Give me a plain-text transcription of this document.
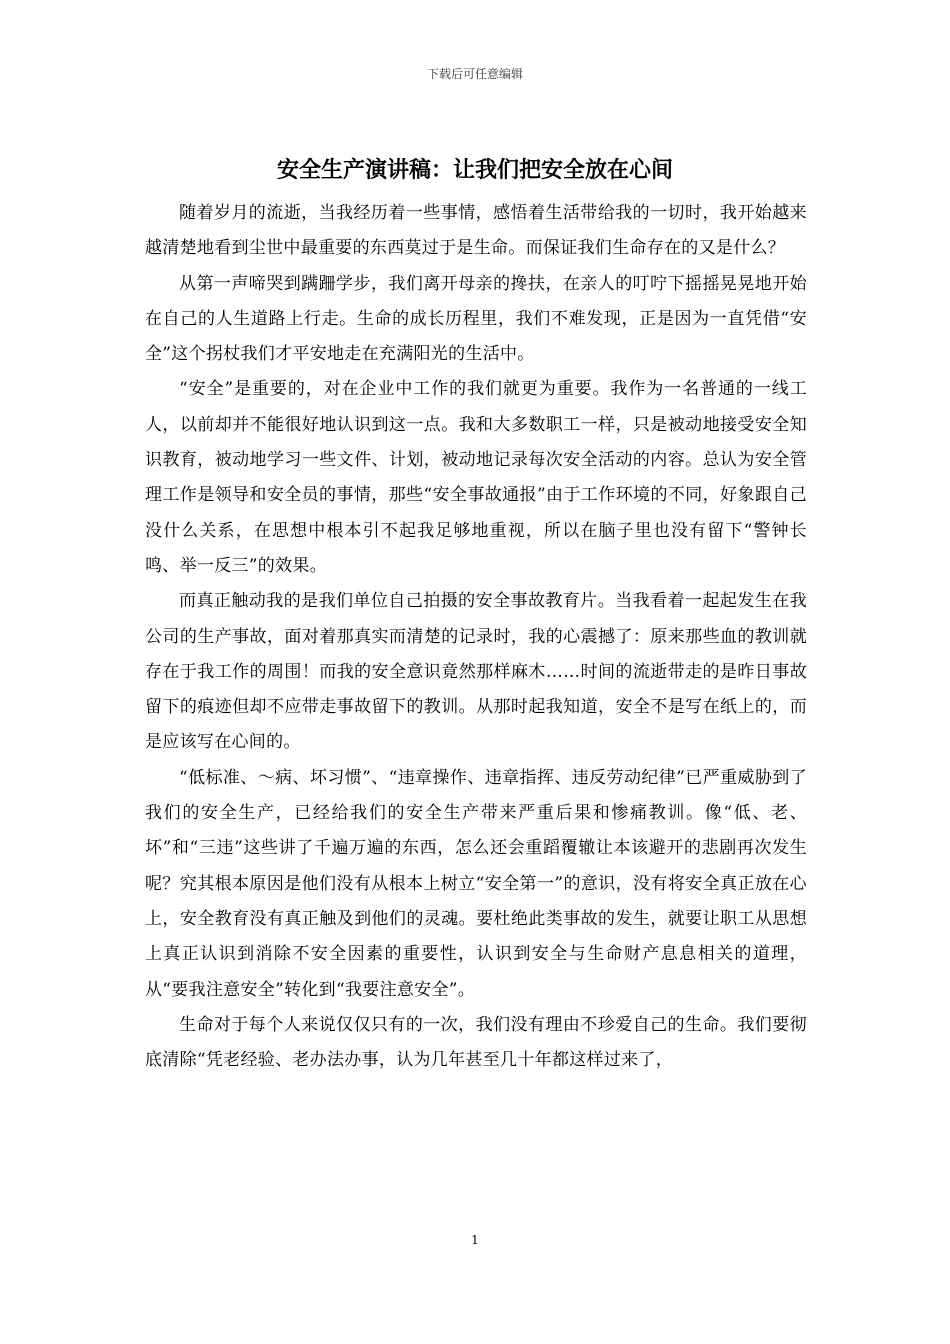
下载后可任意编辑
安全生产演讲稿：让我们把安全放在心间

随着岁月的流逝，当我经历着一些事情，感悟着生活带给我的一切时，我开始越来越清楚地看到尘世中最重要的东西莫过于是生命。而保证我们生命存在的又是什么？

从第一声啼哭到蹒跚学步，我们离开母亲的搀扶，在亲人的叮咛下摇摇晃晃地开始在自己的人生道路上行走。生命的成长历程里，我们不难发现，正是因为一直凭借“安全”这个拐杖我们才平安地走在充满阳光的生活中。

“安全”是重要的，对在企业中工作的我们就更为重要。我作为一名普通的一线工人，以前却并不能很好地认识到这一点。我和大多数职工一样，只是被动地接受安全知识教育，被动地学习一些文件、计划，被动地记录每次安全活动的内容。总认为安全管理工作是领导和安全员的事情，那些“安全事故通报”由于工作环境的不同，好象跟自己没什么关系，在思想中根本引不起我足够地重视，所以在脑子里也没有留下“警钟长鸣、举一反三”的效果。

而真正触动我的是我们单位自己拍摄的安全事故教育片。当我看着一起起发生在我公司的生产事故，面对着那真实而清楚的记录时，我的心震撼了：原来那些血的教训就存在于我工作的周围！而我的安全意识竟然那样麻木……时间的流逝带走的是昨日事故留下的痕迹但却不应带走事故留下的教训。从那时起我知道，安全不是写在纸上的，而是应该写在心间的。

“低标准、～病、坏习惯”、“违章操作、违章指挥、违反劳动纪律”已严重威胁到了我们的安全生产，已经给我们的安全生产带来严重后果和惨痛教训。像“低、老、坏”和“三违”这些讲了千遍万遍的东西，怎么还会重蹈覆辙让本该避开的悲剧再次发生呢？究其根本原因是他们没有从根本上树立“安全第一”的意识，没有将安全真正放在心上，安全教育没有真正触及到他们的灵魂。要杜绝此类事故的发生，就要让职工从思想上真正认识到消除不安全因素的重要性，认识到安全与生命财产息息相关的道理，从“要我注意安全”转化到“我要注意安全”。

生命对于每个人来说仅仅只有的一次，我们没有理由不珍爱自己的生命。我们要彻底清除“凭老经验、老办法办事，认为几年甚至几十年都这样过来了，

1
